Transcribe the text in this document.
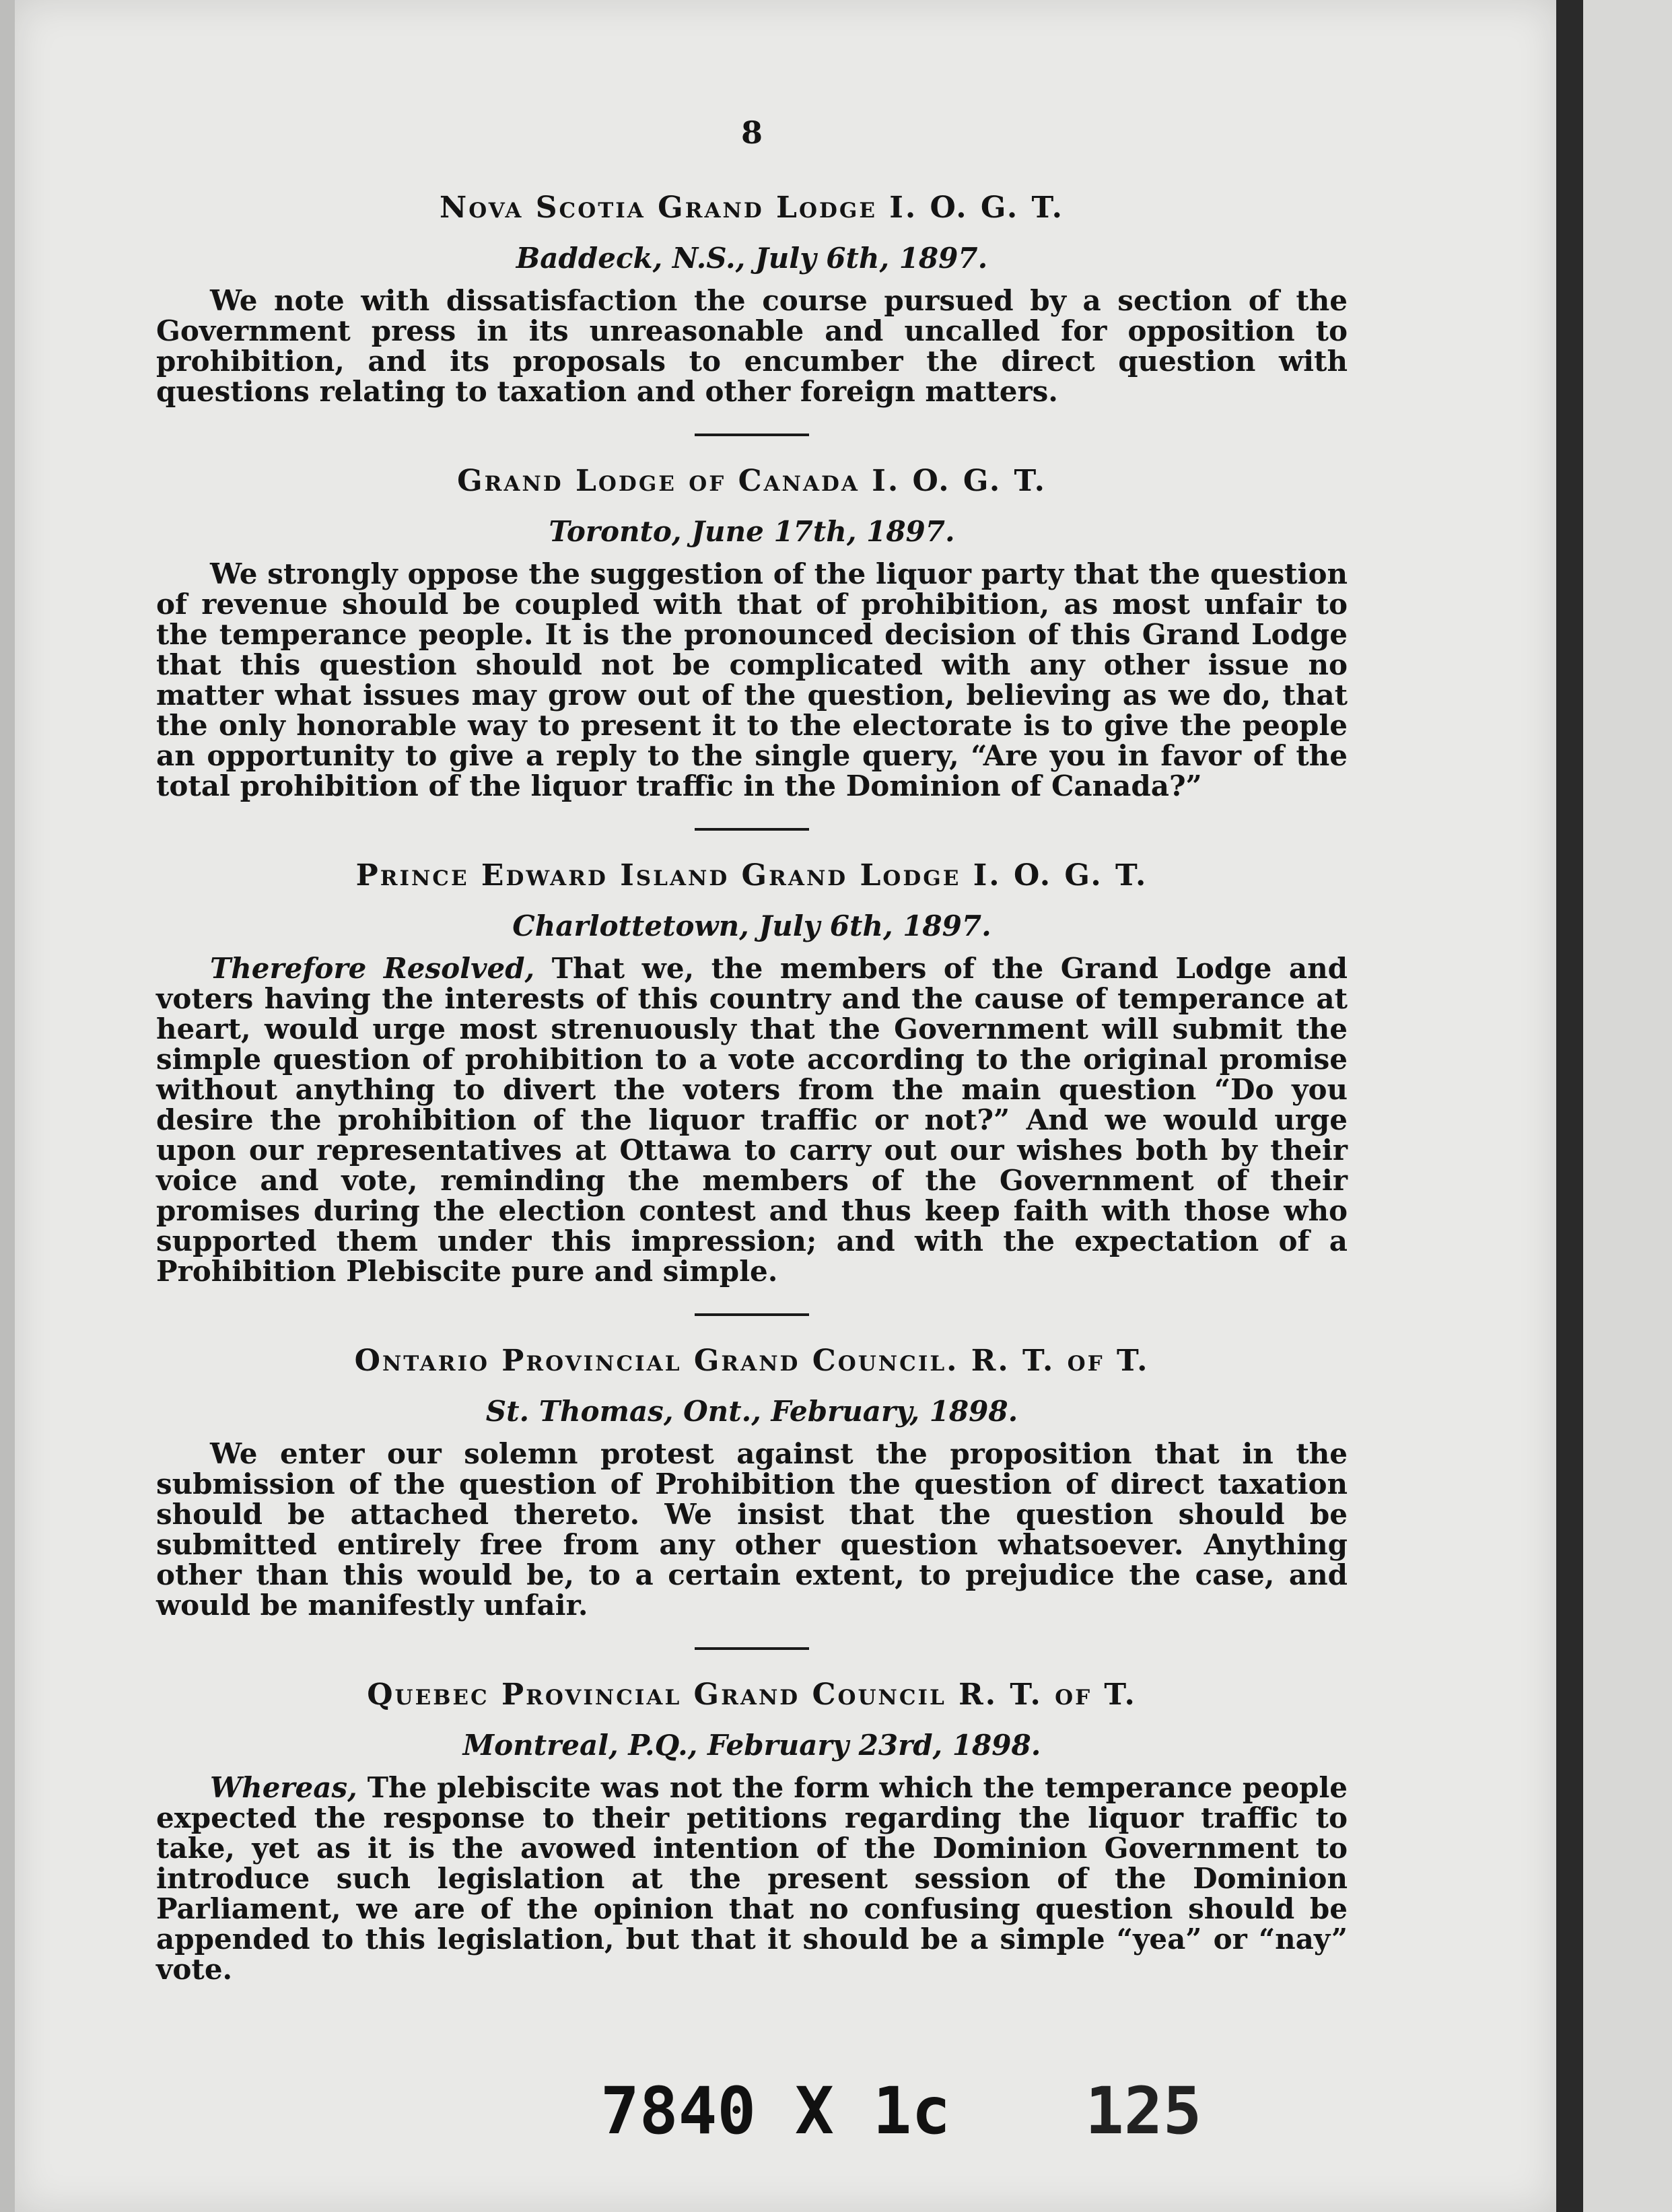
8
Nova Scotia Grand Lodge I. O. G. T.
Baddeck, N.S., July 6th, 1897.

We note with dissatisfaction the course pursued by a section of the Government press in its unreasonable and uncalled for opposition to prohibition, and its proposals to encumber the direct question with questions relating to taxation and other foreign matters.

Grand Lodge of Canada I. O. G. T.
Toronto, June 17th, 1897.

We strongly oppose the suggestion of the liquor party that the question of revenue should be coupled with that of prohibition, as most unfair to the temperance people. It is the pronounced decision of this Grand Lodge that this question should not be complicated with any other issue no matter what issues may grow out of the question, believing as we do, that the only honorable way to present it to the electorate is to give the people an opportunity to give a reply to the single query, “Are you in favor of the total prohibition of the liquor traffic in the Dominion of Canada?”

Prince Edward Island Grand Lodge I. O. G. T.
Charlottetown, July 6th, 1897.

Therefore Resolved, That we, the members of the Grand Lodge and voters having the interests of this country and the cause of temperance at heart, would urge most strenuously that the Government will submit the simple question of prohibition to a vote according to the original promise without anything to divert the voters from the main question “Do you desire the prohibition of the liquor traffic or not?” And we would urge upon our representatives at Ottawa to carry out our wishes both by their voice and vote, reminding the members of the Government of their promises during the election contest and thus keep faith with those who supported them under this impression; and with the expectation of a Prohibition Plebiscite pure and simple.

Ontario Provincial Grand Council. R. T. of T.
St. Thomas, Ont., February, 1898.

We enter our solemn protest against the proposition that in the submission of the question of Prohibition the question of direct taxation should be attached thereto. We insist that the question should be submitted entirely free from any other question whatsoever. Anything other than this would be, to a certain extent, to prejudice the case, and would be manifestly unfair.

Quebec Provincial Grand Council R. T. of T.
Montreal, P.Q., February 23rd, 1898.

Whereas, The plebiscite was not the form which the temperance people expected the response to their petitions regarding the liquor traffic to take, yet as it is the avowed intention of the Dominion Government to introduce such legislation at the present session of the Dominion Parliament, we are of the opinion that no confusing question should be appended to this legislation, but that it should be a simple “yea” or “nay” vote.

7840 X 1c 125
